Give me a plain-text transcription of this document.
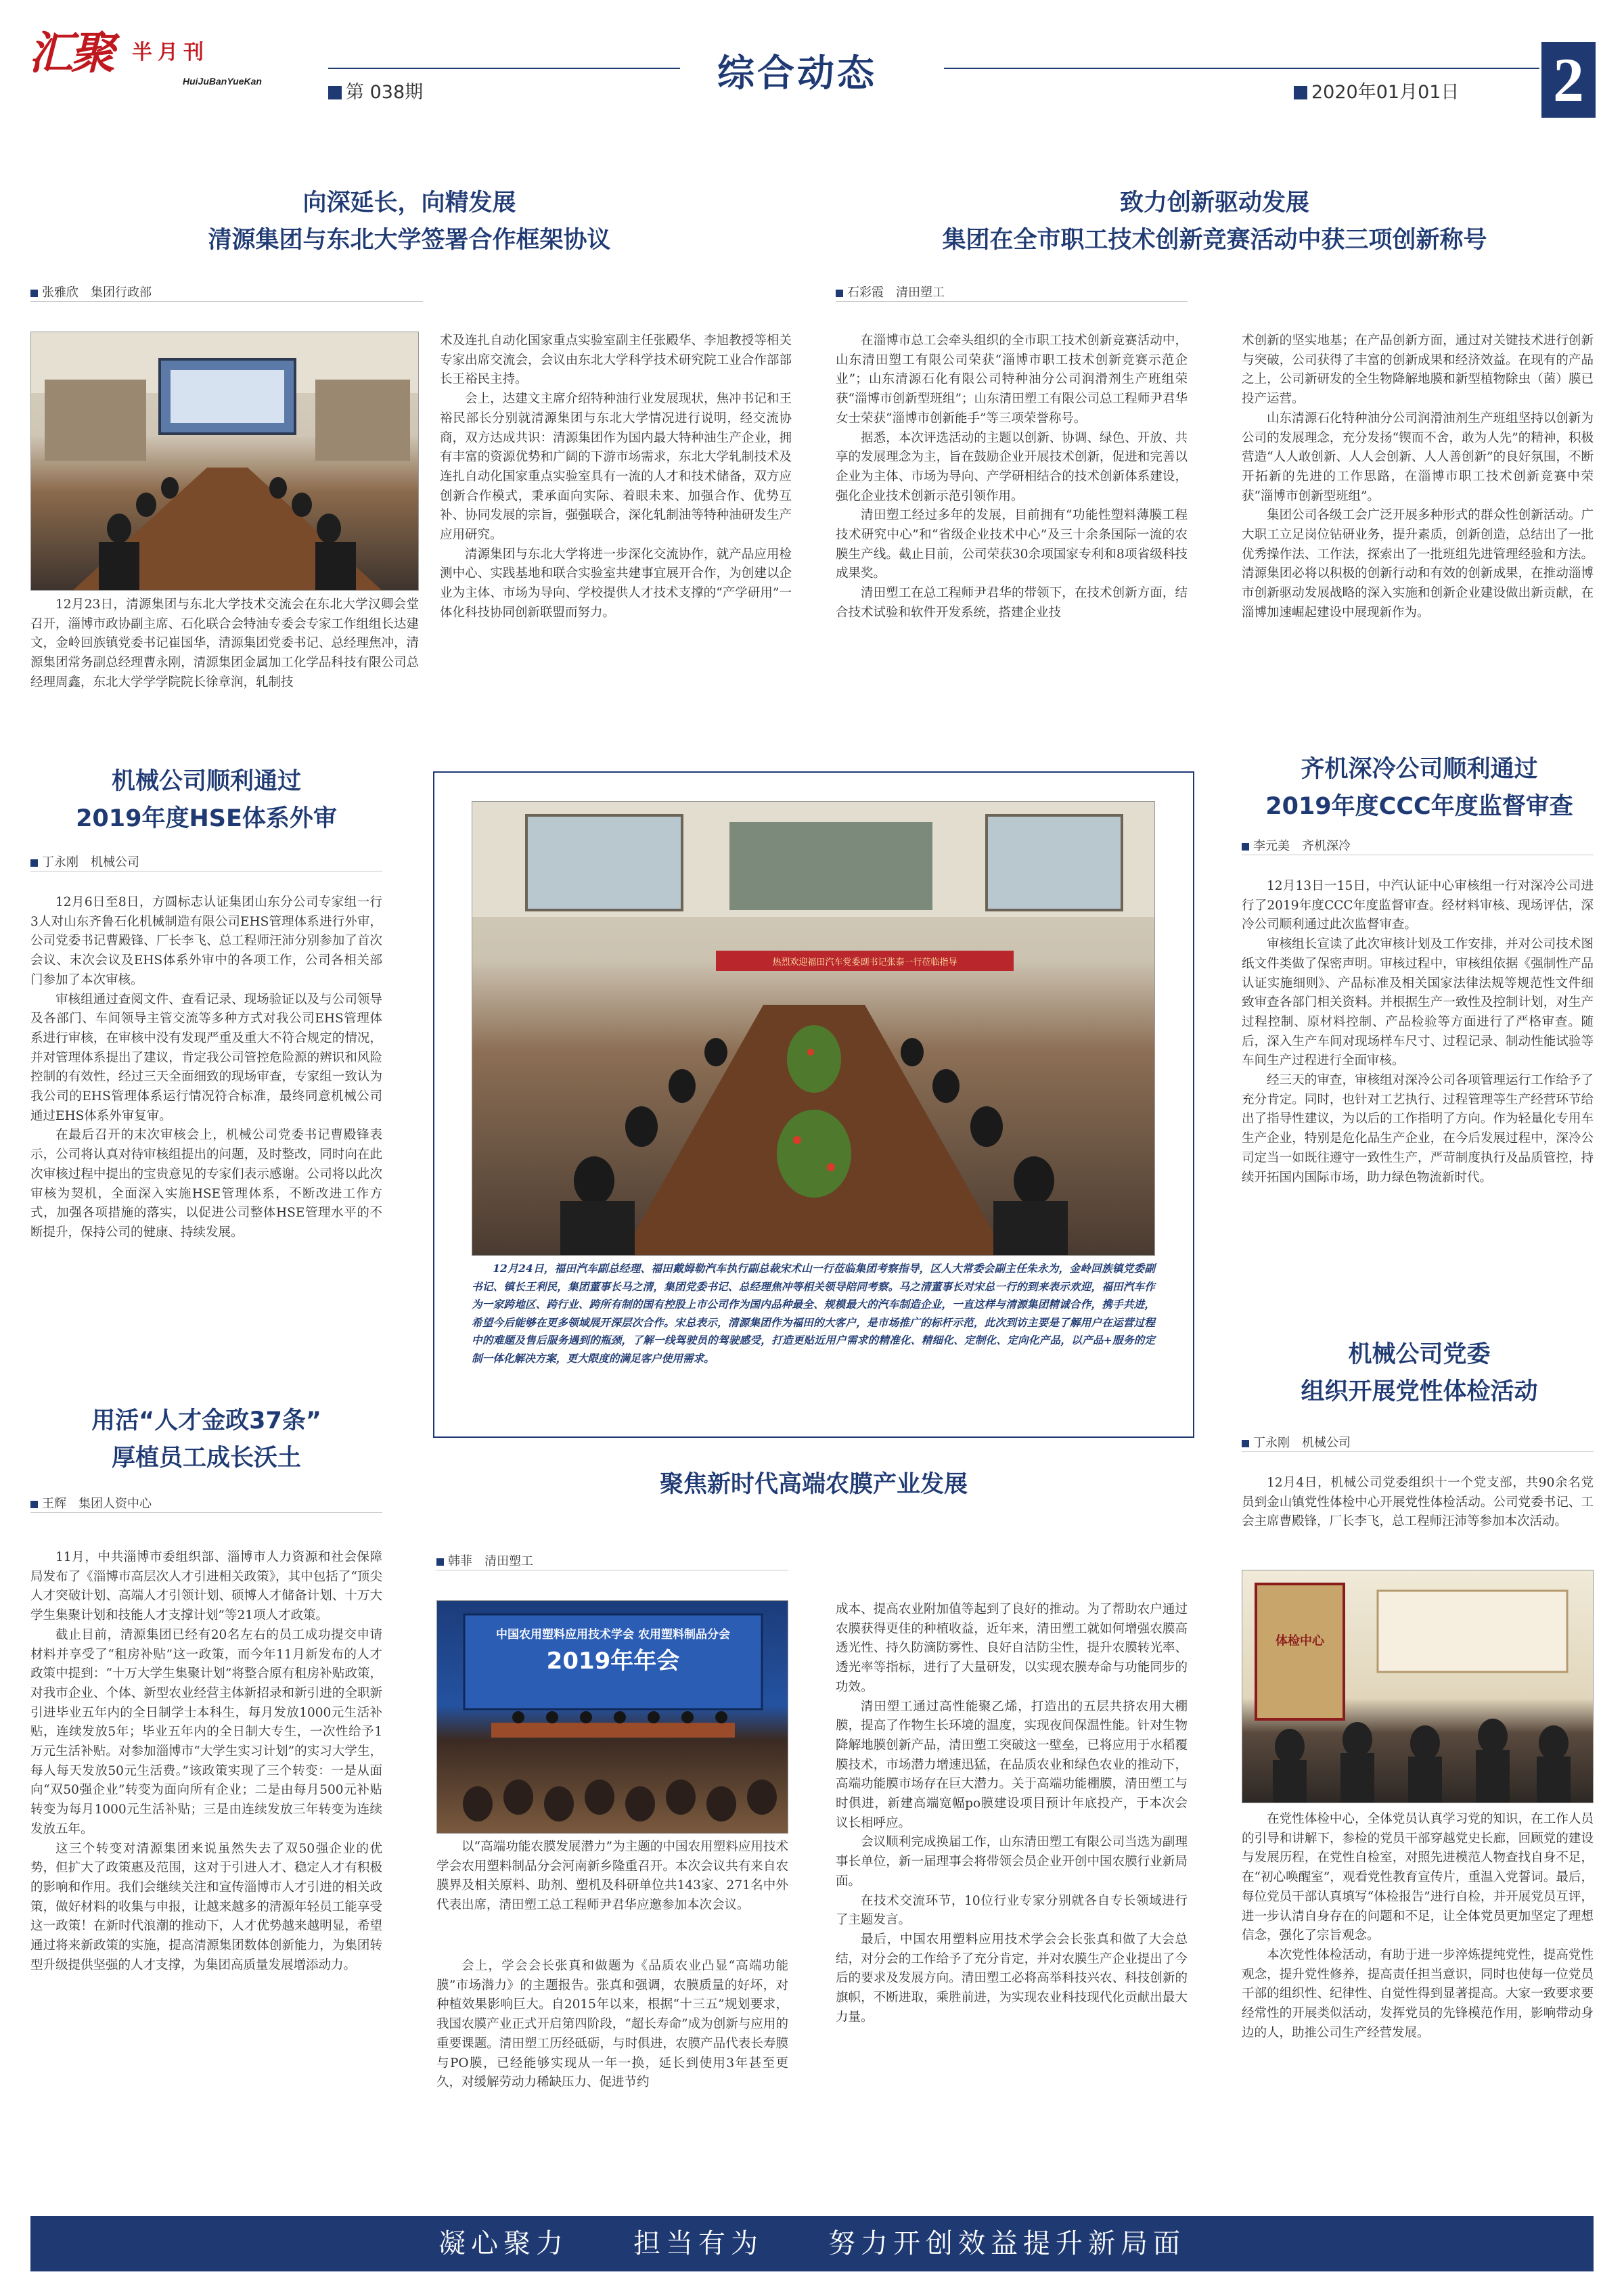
汇聚 半月刊
HuiJuBanYueKan	综合动态
第 038期	2020年01月01日 2
向深延长，向精发展
清源集团与东北大学签署合作框架协议
张雅欣　集团行政部
12月23日，清源集团与东北大学技术交流会在东北大学汉卿会堂召开，淄博市政协副主席、石化联合会特油专委会专家工作组组长达建文，金岭回族镇党委书记崔国华，清源集团党委书记、总经理焦冲，清源集团常务副总经理曹永刚，清源集团金属加工化学品科技有限公司总经理周鑫，东北大学学学院院长徐章润，轧制技

术及连扎自动化国家重点实验室副主任张殿华、李旭教授等相关专家出席交流会，会议由东北大学科学技术研究院工业合作部部长王裕民主持。

会上，达建文主席介绍特种油行业发展现状，焦冲书记和王裕民部长分别就清源集团与东北大学情况进行说明，经交流协商，双方达成共识：清源集团作为国内最大特种油生产企业，拥有丰富的资源优势和广阔的下游市场需求，东北大学轧制技术及连扎自动化国家重点实验室具有一流的人才和技术储备，双方应创新合作模式，秉承面向实际、着眼未来、加强合作、优势互补、协同发展的宗旨，强强联合，深化轧制油等特种油研发生产应用研究。

清源集团与东北大学将进一步深化交流协作，就产品应用检测中心、实践基地和联合实验室共建事宜展开合作，为创建以企业为主体、市场为导向、学校提供人才技术支撑的“产学研用”一体化科技协同创新联盟而努力。

致力创新驱动发展
集团在全市职工技术创新竞赛活动中获三项创新称号
石彩霞　清田塑工

在淄博市总工会牵头组织的全市职工技术创新竞赛活动中，山东清田塑工有限公司荣获“淄博市职工技术创新竞赛示范企业”；山东清源石化有限公司特种油分公司润滑剂生产班组荣获“淄博市创新型班组”；山东清田塑工有限公司总工程师尹君华女士荣获“淄博市创新能手”等三项荣誉称号。

据悉，本次评选活动的主题以创新、协调、绿色、开放、共享的发展理念为主，旨在鼓励企业开展技术创新，促进和完善以企业为主体、市场为导向、产学研相结合的技术创新体系建设，强化企业技术创新示范引领作用。

清田塑工经过多年的发展，目前拥有“功能性塑料薄膜工程技术研究中心”和“省级企业技术中心”及三十余条国际一流的农膜生产线。截止目前，公司荣获30余项国家专利和8项省级科技成果奖。

清田塑工在总工程师尹君华的带领下，在技术创新方面，结合技术试验和软件开发系统，搭建企业技

术创新的坚实地基；在产品创新方面，通过对关键技术进行创新与突破，公司获得了丰富的创新成果和经济效益。在现有的产品之上，公司新研发的全生物降解地膜和新型植物除虫（菌）膜已投产运营。

山东清源石化特种油分公司润滑油剂生产班组坚持以创新为公司的发展理念，充分发扬“锲而不舍，敢为人先”的精神，积极营造“人人敢创新、人人会创新、人人善创新”的良好氛围，不断开拓新的先进的工作思路，在淄博市职工技术创新竞赛中荣获“淄博市创新型班组”。

集团公司各级工会广泛开展多种形式的群众性创新活动。广大职工立足岗位钻研业务，提升素质，创新创造，总结出了一批优秀操作法、工作法，探索出了一批班组先进管理经验和方法。清源集团必将以积极的创新行动和有效的创新成果，在推动淄博市创新驱动发展战略的深入实施和创新企业建设做出新贡献，在淄博加速崛起建设中展现新作为。

机械公司顺利通过
2019年度HSE体系外审
丁永刚　机械公司

12月6日至8日，方圆标志认证集团山东分公司专家组一行3人对山东齐鲁石化机械制造有限公司EHS管理体系进行外审，公司党委书记曹殿锋、厂长李飞、总工程师汪沛分别参加了首次会议、末次会议及EHS体系外审中的各项工作，公司各相关部门参加了本次审核。

审核组通过查阅文件、查看记录、现场验证以及与公司领导及各部门、车间领导主管交流等多种方式对我公司EHS管理体系进行审核，在审核中没有发现严重及重大不符合规定的情况，并对管理体系提出了建议，肯定我公司管控危险源的辨识和风险控制的有效性，经过三天全面细致的现场审查，专家组一致认为我公司的EHS管理体系运行情况符合标准，最终同意机械公司通过EHS体系外审复审。

在最后召开的末次审核会上，机械公司党委书记曹殿锋表示，公司将认真对待审核组提出的问题，及时整改，同时向在此次审核过程中提出的宝贵意见的专家们表示感谢。公司将以此次审核为契机，全面深入实施HSE管理体系，不断改进工作方式，加强各项措施的落实，以促进公司整体HSE管理水平的不断提升，保持公司的健康、持续发展。

用活“人才金政37条”
厚植员工成长沃土
王辉　集团人资中心

11月，中共淄博市委组织部、淄博市人力资源和社会保障局发布了《淄博市高层次人才引进相关政策》，其中包括了“顶尖人才突破计划、高端人才引领计划、硕博人才储备计划、十万大学生集聚计划和技能人才支撑计划”等21项人才政策。

截止目前，清源集团已经有20名左右的员工成功提交申请材料并享受了“租房补贴”这一政策，而今年11月新发布的人才政策中提到：“十万大学生集聚计划”将整合原有租房补贴政策，对我市企业、个体、新型农业经营主体新招录和新引进的全职新引进毕业五年内的全日制学士本科生，每月发放1000元生活补贴，连续发放5年；毕业五年内的全日制大专生，一次性给予1万元生活补贴。对参加淄博市“大学生实习计划”的实习大学生，每人每天发放50元生活费。”该政策实现了三个转变：一是从面向“双50强企业”转变为面向所有企业；二是由每月500元补贴转变为每月1000元生活补贴；三是由连续发放三年转变为连续发放五年。

这三个转变对清源集团来说虽然失去了双50强企业的优势，但扩大了政策惠及范围，这对于引进人才、稳定人才有积极的影响和作用。我们会继续关注和宣传淄博市人才引进的相关政策，做好材料的收集与申报，让越来越多的清源年轻员工能享受这一政策！在新时代浪潮的推动下，人才优势越来越明显，希望通过将来新政策的实施，提高清源集团数体创新能力，为集团转型升级提供坚强的人才支撑，为集团高质量发展增添动力。

热烈欢迎福田汽车党委副书记张泰一行莅临指导
12月24日，福田汽车副总经理、福田戴姆勒汽车执行副总裁宋术山一行莅临集团考察指导，区人大常委会副主任朱永为，金岭回族镇党委副书记、镇长王利民，集团董事长马之清，集团党委书记、总经理焦冲等相关领导陪同考察。马之清董事长对宋总一行的到来表示欢迎，福田汽车作为一家跨地区、跨行业、跨所有制的国有控股上市公司作为国内品种最全、规模最大的汽车制造企业，一直这样与清源集团精诚合作，携手共进，希望今后能够在更多领域展开深层次合作。宋总表示，清源集团作为福田的大客户，是市场推广的标杆示范，此次到访主要是了解用户在运营过程中的难题及售后服务遇到的瓶颈，了解一线驾驶员的驾驶感受，打造更贴近用户需求的精准化、精细化、定制化、定向化产品，以产品+服务的定制一体化解决方案，更大限度的满足客户使用需求。
聚焦新时代高端农膜产业发展
韩菲　清田塑工
中国农用塑料应用技术学会 农用塑料制品分会
2019年年会
以“高端功能农膜发展潜力”为主题的中国农用塑料应用技术学会农用塑料制品分会河南新乡隆重召开。本次会议共有来自农膜界及相关原料、助剂、塑机及科研单位共143家、271名中外代表出席，清田塑工总工程师尹君华应邀参加本次会议。

会上，学会会长张真和做题为《品质农业凸显“高端功能膜”市场潜力》的主题报告。张真和强调，农膜质量的好坏，对种植效果影响巨大。自2015年以来，根据“十三五”规划要求，我国农膜产业正式开启第四阶段，“超长寿命”成为创新与应用的重要课题。清田塑工历经砥砺，与时俱进，农膜产品代表长寿膜与PO膜，已经能够实现从一年一换，延长到使用3年甚至更久，对缓解劳动力稀缺压力、促进节约

成本、提高农业附加值等起到了良好的推动。为了帮助农户通过农膜获得更佳的种植收益，近年来，清田塑工就如何增强农膜高透光性、持久防滴防雾性、良好自洁防尘性，提升农膜转光率、透光率等指标，进行了大量研发，以实现农膜寿命与功能同步的功效。

清田塑工通过高性能聚乙烯，打造出的五层共挤农用大棚膜，提高了作物生长环境的温度，实现夜间保温性能。针对生物降解地膜创新产品，清田塑工突破这一壁垒，已将应用于水稻覆膜技术，市场潜力增速迅猛，在品质农业和绿色农业的推动下，高端功能膜市场存在巨大潜力。关于高端功能棚膜，清田塑工与时俱进，新建高端宽幅po膜建设项目预计年底投产，于本次会议长相呼应。

会议顺利完成换届工作，山东清田塑工有限公司当选为副理事长单位，新一届理事会将带领会员企业开创中国农膜行业新局面。

在技术交流环节，10位行业专家分别就各自专长领域进行了主题发言。

最后，中国农用塑料应用技术学会会长张真和做了大会总结，对分会的工作给予了充分肯定，并对农膜生产企业提出了今后的要求及发展方向。清田塑工必将高举科技兴农、科技创新的旗帜，不断进取，乘胜前进，为实现农业科技现代化贡献出最大力量。

齐机深冷公司顺利通过
2019年度CCC年度监督审查
李元美　齐机深冷

12月13日一15日，中汽认证中心审核组一行对深冷公司进行了2019年度CCC年度监督审查。经材料审核、现场评估，深冷公司顺利通过此次监督审查。

审核组长宣读了此次审核计划及工作安排，并对公司技术图纸文件类做了保密声明。审核过程中，审核组依据《强制性产品认证实施细则》、产品标准及相关国家法律法规等规范性文件细致审查各部门相关资料。并根据生产一致性及控制计划，对生产过程控制、原材料控制、产品检验等方面进行了严格审查。随后，深入生产车间对现场样车尺寸、过程记录、制动性能试验等车间生产过程进行全面审核。

经三天的审查，审核组对深冷公司各项管理运行工作给予了充分肯定。同时，也针对工艺执行、过程管理等生产经营环节给出了指导性建议，为以后的工作指明了方向。作为轻量化专用车生产企业，特别是危化品生产企业，在今后发展过程中，深冷公司定当一如既往遵守一致性生产，严苛制度执行及品质管控，持续开拓国内国际市场，助力绿色物流新时代。

机械公司党委
组织开展党性体检活动
丁永刚　机械公司

12月4日，机械公司党委组织十一个党支部，共90余名党员到金山镇党性体检中心开展党性体检活动。公司党委书记、工会主席曹殿锋，厂长李飞，总工程师汪沛等参加本次活动。

体检中心

在党性体检中心，全体党员认真学习党的知识，在工作人员的引导和讲解下，参检的党员干部穿越党史长廊，回顾党的建设与发展历程，在党性自检室，对照先进模范人物查找自身不足，在“初心唤醒室”，观看党性教育宣传片，重温入党誓词。最后，每位党员干部认真填写“体检报告”进行自检，并开展党员互评，进一步认清自身存在的问题和不足，让全体党员更加坚定了理想信念，强化了宗旨观念。

本次党性体检活动，有助于进一步淬炼提纯党性，提高党性观念，提升党性修养，提高责任担当意识，同时也使每一位党员干部的组织性、纪律性、自觉性得到显著提高。大家一致要求要经常性的开展类似活动，发挥党员的先锋模范作用，影响带动身边的人，助推公司生产经营发展。

凝心聚力　　担当有为　　努力开创效益提升新局面
